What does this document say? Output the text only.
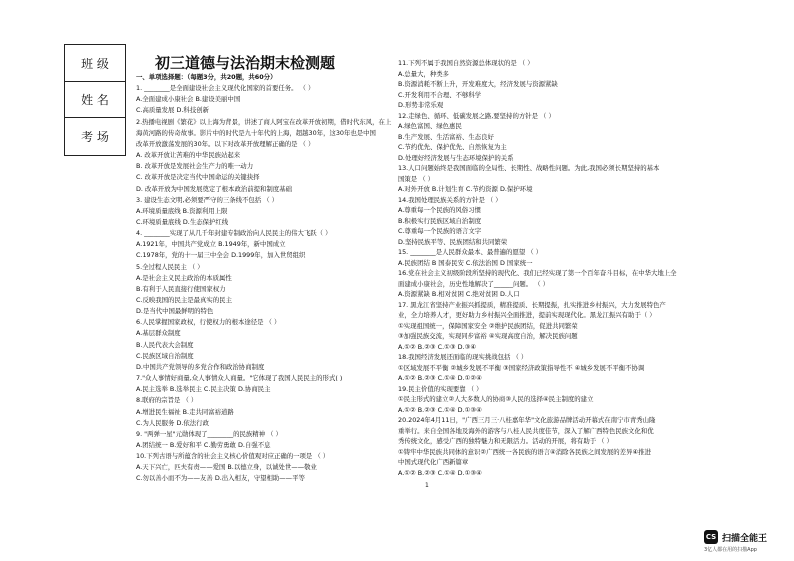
班 级
姓 名
考 场
初三道德与法治期末检测题
一、单项选择题：（每题3分，共20题，共60分）
1. ________是全面建设社会主义现代化国家的首要任务。 （ ）
A.全面建成小康社会 B.建设美丽中国
C.高质量发展 D.科技创新
2.热播电视剧《繁花》以上海为背景，讲述了商人阿宝在改革开放初期，借时代东风，在上
海黄河路的传奇故事。影片中的时代是九十年代的上海，超越30年，这30年也是中国
改革开放激荡发展的30年。以下对改革开放理解正确的是 （ ）
A. 改革开放让苦难的中华民族站起来
B. 改革开放是发展社会生产力的唯一动力
C. 改革开放是决定当代中国命运的关键抉择
D. 改革开放为中国发展奠定了根本政治前提和制度基础
3. 建设生态文明,必须要严守的三条线不包括 （ ）
A.环境质量底线 B.资源利用上限
C.环境质量底线 D.生态保护红线
4. ________实现了从几千年封建专制政治向人民民主的伟大飞跃（ ）
A.1921年，中国共产党成立 B.1949年，新中国成立
C.1978年，党的十一届三中全会 D.1999年，加入世贸组织
5.全过程人民民主 （ ）
A.是社会主义民主政治的本质属性
B.有利于人民直接行使国家权力
C.反映我国的民主是最真实的民主
D.是当代中国最鲜明的特色
6.人民掌握国家政权，行使权力的根本途径是 （ ）
A.基层群众制度
B.人民代表大会制度
C.民族区域自治制度
D.中国共产党领导的多党合作和政治协商制度
7."众人事情好商量,众人事情众人商量。"它体现了我国人民民主的形式( )
A.民主选举 B.选举民主 C.民主决策 D.协商民主
8.联府的宗旨是 （ ）
A.增进民生福祉 B.走共同富裕道路
C.为人民服务 D.依法行政
9. "两弹一星"元勋体现了________的民族精神 （ ）
A.团结统一 B.爱好和平 C.勤劳勇敢 D.自强不息
10.下列古语与所蕴含的社会主义核心价值观对应正确的一项是 （ ）
A.天下兴亡，匹夫有责——爱国 B.以德立身，以诚处世——敬业
C.勿以善小而不为——友善 D.出入相友，守望相助——平等
11.下列不属于我国自然资源总体现状的是 （ ）
A.总量大，种类多
B.资源消耗不断上升，开发难度大，经济发展与资源紧缺
C.开发利用不合理、不够科学
D.形势非常乐观
12.走绿色、循环、低碳发展之路,要坚持的方针是 （ ）
A.绿色富国、绿色惠民
B.生产发展、生活富裕、生态良好
C.节约优先、保护优先、自然恢复为主
D.处理好经济发展与生态环境保护的关系
13.人口问题始终是我国面临的全局性、长期性、战略性问题。为此,我国必须长期坚持的基本
国策是 （ ）
A.对外开放 B.计划生育 C.节约资源 D.保护环境
14.我国处理民族关系的方针是 （ ）
A.尊重每一个民族的风俗习惯
B.积极实行民族区域自治制度
C.尊重每一个民族的语言文字
D.坚持民族平等、民族团结和共同繁荣
15. ________是人民群众最本、最普遍的愿望 （ ）
A.民族团结 B 国泰民安 C.依法治国 D 国家统一
16.党在社会主义初级阶段所坚持的现代化、我们已经实现了第一个百年奋斗目标，在中华大地上全
面建成小康社会，历史性地解决了______问题。 （ ）
A.资源紧缺 B.相对贫困 C.绝对贫困 D.人口
17. 黑龙江省坚持产业振兴抓提质，精准提质、长期提振，扎实推进乡村振兴，大力发展特色产
业，全力培养人才，更好助力乡村振兴全面推进，提前实现现代化。黑龙江振兴有助于（ ）
①实现祖国统一，保障国家安全 ②维护民族团结，促进共同繁荣
③加强民族交流，实现同步富裕 ④实现高度自治，解决民族问题
A.①② B.②③ C.①③ D.③④
18.我国经济发展还面临的现实挑战包括 （ ）
①区域发展不平衡 ②城乡发展不平衡 ③国家经济政策指导性不 ④城乡发展不平衡不协调
A.①② B.②③ C.①④ D.①②④
19.民主价值的实现要靠 （ ）
①民主形式的建立②人大多数人的协商③人民的选择④民主制度的建立
A.①② B.②③ C.①④ D.①③④
20.2024年4月11日，"广西三月三·八桂嘉年华"文化旅游品牌活动开幕式在南宁市青秀山隆
重举行。来自全国各地及海外的游客与八桂人民共度佳节，深入了解广西特色民族文化和优
秀传统文化，感受广西的独特魅力和无限活力。活动的开展，将有助于 （ ）
①铸牢中华民族共同体的意识②广西统一各民族的语言④消除各民族之间发展的差异④推进
中国式现代化广西新篇章
A.①② B.②③ C.①④ D.①③④
1
CS 扫描全能王
3亿人都在用的扫描App
